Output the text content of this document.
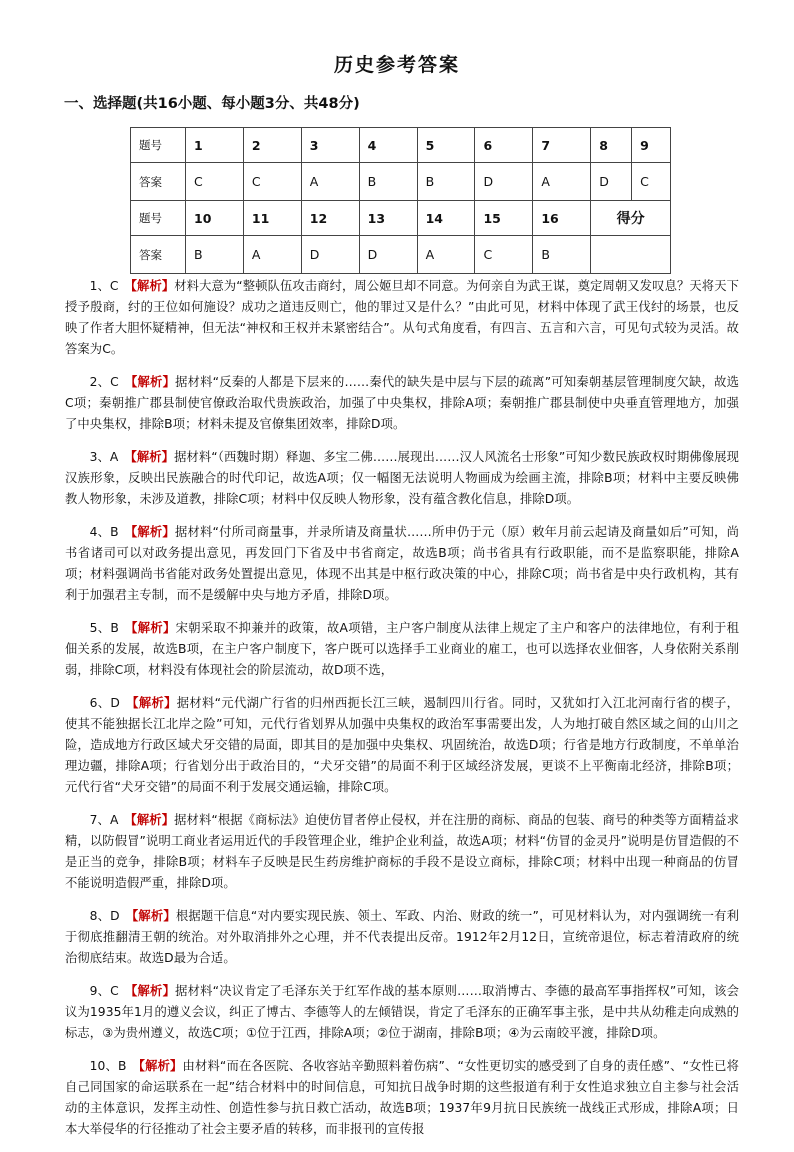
历史参考答案
一、选择题(共16小题、每小题3分、共48分)
题号	1	2	3	4	5	6	7	8	9
答案	C	C	A	B	B	D	A	D	C
题号	10	11	12	13	14	15	16	得分	
答案	B	A	D	D	A	C	B		

1、C 【解析】材料大意为“整顿队伍攻击商纣，周公姬旦却不同意。为何亲自为武王谋，奠定周朝又发叹息？天将天下授予殷商，纣的王位如何施设？成功之道违反则亡，他的罪过又是什么？”由此可见，材料中体现了武王伐纣的场景，也反映了作者大胆怀疑精神，但无法“神权和王权并未紧密结合”。从句式角度看，有四言、五言和六言，可见句式较为灵活。故答案为C。

2、C 【解析】据材料“反秦的人都是下层来的……秦代的缺失是中层与下层的疏离”可知秦朝基层管理制度欠缺，故选C项；秦朝推广郡县制使官僚政治取代贵族政治，加强了中央集权，排除A项；秦朝推广郡县制使中央垂直管理地方，加强了中央集权，排除B项；材料未提及官僚集团效率，排除D项。

3、A 【解析】据材料“（西魏时期）释迦、多宝二佛……展现出……汉人风流名士形象”可知少数民族政权时期佛像展现汉族形象，反映出民族融合的时代印记，故选A项；仅一幅图无法说明人物画成为绘画主流，排除B项；材料中主要反映佛教人物形象，未涉及道教，排除C项；材料中仅反映人物形象，没有蕴含教化信息，排除D项。

4、B 【解析】据材料“付所司商量事，并录所请及商量状……所申仍于元（原）敕年月前云起请及商量如后”可知，尚书省诸司可以对政务提出意见，再发回门下省及中书省商定，故选B项；尚书省具有行政职能，而不是监察职能，排除A项；材料强调尚书省能对政务处置提出意见，体现不出其是中枢行政决策的中心，排除C项；尚书省是中央行政机构，其有利于加强君主专制，而不是缓解中央与地方矛盾，排除D项。

5、B 【解析】宋朝采取不抑兼并的政策，故A项错，主户客户制度从法律上规定了主户和客户的法律地位，有利于租佃关系的发展，故选B项，在主户客户制度下，客户既可以选择手工业商业的雇工，也可以选择农业佃客，人身依附关系削弱，排除C项，材料没有体现社会的阶层流动，故D项不选，

6、D 【解析】据材料“元代湖广行省的归州西扼长江三峡，遏制四川行省。同时，又犹如打入江北河南行省的楔子，使其不能独据长江北岸之险”可知，元代行省划界从加强中央集权的政治军事需要出发，人为地打破自然区域之间的山川之险，造成地方行政区域犬牙交错的局面，即其目的是加强中央集权、巩固统治，故选D项；行省是地方行政制度，不单单治理边疆，排除A项；行省划分出于政治目的，“犬牙交错”的局面不利于区域经济发展，更谈不上平衡南北经济，排除B项；元代行省“犬牙交错”的局面不利于发展交通运输，排除C项。

7、A 【解析】据材料“根据《商标法》迫使仿冒者停止侵权，并在注册的商标、商品的包装、商号的种类等方面精益求精，以防假冒”说明工商业者运用近代的手段管理企业，维护企业利益，故选A项；材料“仿冒的金灵丹”说明是仿冒造假的不是正当的竞争，排除B项；材料车子反映是民生药房维护商标的手段不是设立商标，排除C项；材料中出现一种商品的仿冒不能说明造假严重，排除D项。

8、D 【解析】根据题干信息“对内要实现民族、领土、军政、内治、财政的统一”，可见材料认为，对内强调统一有利于彻底推翻清王朝的统治。对外取消排外之心理，并不代表提出反帝。1912年2月12日，宣统帝退位，标志着清政府的统治彻底结束。故选D最为合适。

9、C 【解析】据材料“决议肯定了毛泽东关于红军作战的基本原则……取消博古、李德的最高军事指挥权”可知，该会议为1935年1月的遵义会议，纠正了博古、李德等人的左倾错误，肯定了毛泽东的正确军事主张，是中共从幼稚走向成熟的标志，③为贵州遵义，故选C项；①位于江西，排除A项；②位于湖南，排除B项；④为云南皎平渡，排除D项。

10、B 【解析】由材料“而在各医院、各收容站辛勤照料着伤病”、“女性更切实的感受到了自身的责任感”、“女性已将自己同国家的命运联系在一起”结合材料中的时间信息，可知抗日战争时期的这些报道有利于女性追求独立自主参与社会活动的主体意识，发挥主动性、创造性参与抗日救亡活动，故选B项；1937年9月抗日民族统一战线正式形成，排除A项；日本大举侵华的行径推动了社会主要矛盾的转移，而非报刊的宣传报
